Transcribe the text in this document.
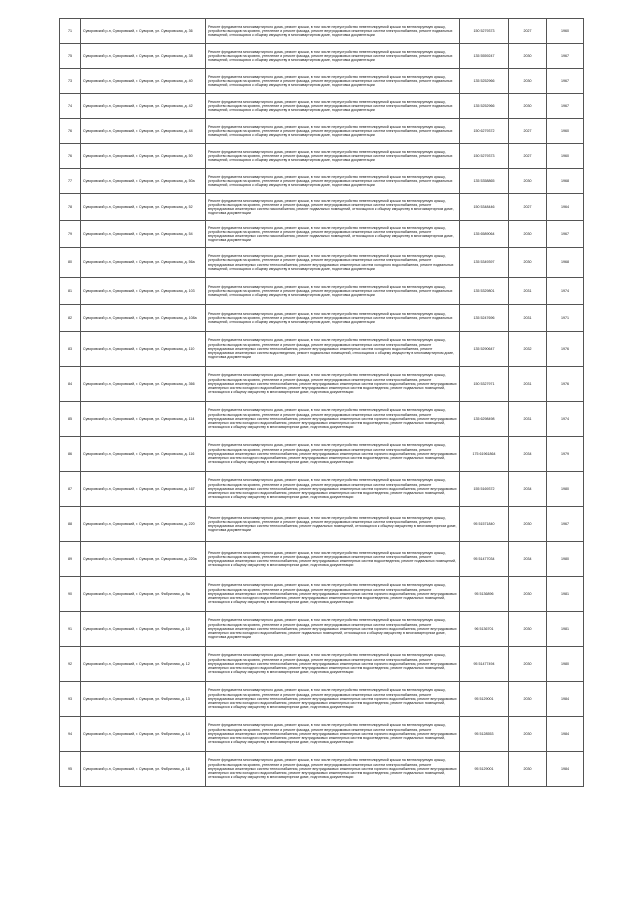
71	Суворовский р-н, Суворовский, г. Суворов, ул. Суворовская, д. 36	Ремонт фундамента многоквартирного дома, ремонт крыши, в том числе переустройство невентилируемой крыши на вентилируемую крышу, устройство выходов на кровлю, утепление и ремонт фасада, ремонт внутридомовых инженерных систем электроснабжения, ремонт подвальных помещений, относящихся к общему имуществу в многоквартирном доме, подготовка документации	150 5279373	2027	1960
75	Суворовский р-н, Суворовский, г. Суворов, ул. Суворовская, д. 38	Ремонт фундамента многоквартирного дома, ремонт крыши, в том числе переустройство невентилируемой крыши на вентилируемую крышу, устройство выходов на кровлю, утепление и ремонт фасада, ремонт внутридомовых инженерных систем электроснабжения, ремонт подвальных помещений, относящихся к общему имуществу в многоквартирном доме, подготовка документации	135 5559247	2030	1967
73	Суворовский р-н, Суворовский, г. Суворов, ул. Суворовская, д. 40	Ремонт фундамента многоквартирного дома, ремонт крыши, в том числе переустройство невентилируемой крыши на вентилируемую крышу, устройство выходов на кровлю, утепление и ремонт фасада, ремонт внутридомовых инженерных систем электроснабжения, ремонт подвальных помещений, относящихся к общему имуществу в многоквартирном доме, подготовка документации	135 5252966	2030	1967
74	Суворовский р-н, Суворовский, г. Суворов, ул. Суворовская, д. 42	Ремонт фундамента многоквартирного дома, ремонт крыши, в том числе переустройство невентилируемой крыши на вентилируемую крышу, устройство выходов на кровлю, утепление и ремонт фасада, ремонт внутридомовых инженерных систем электроснабжения, ремонт подвальных помещений, относящихся к общему имуществу в многоквартирном доме, подготовка документации	135 5252966	2030	1967
76	Суворовский р-н, Суворовский, г. Суворов, ул. Суворовская, д. 44	Ремонт фундамента многоквартирного дома, ремонт крыши, в том числе переустройство невентилируемой крыши на вентилируемую крышу, устройство выходов на кровлю, утепление и ремонт фасада, ремонт внутридомовых инженерных систем электроснабжения, ремонт подвальных помещений, относящихся к общему имуществу в многоквартирном доме, подготовка документации	150 6279372	2027	1960
76	Суворовский р-н, Суворовский, г. Суворов, ул. Суворовская, д. 50	Ремонт фундамента многоквартирного дома, ремонт крыши, в том числе переустройство невентилируемой крыши на вентилируемую крышу, устройство выходов на кровлю, утепление и ремонт фасада, ремонт внутридомовых инженерных систем электроснабжения, ремонт подвальных помещений, относящихся к общему имуществу в многоквартирном доме, подготовка документации	150 5279373	2027	1960
77	Суворовский р-н, Суворовский, г. Суворов, ул. Суворовская, д. 50а	Ремонт фундамента многоквартирного дома, ремонт крыши, в том числе переустройство невентилируемой крыши на вентилируемую крышу, устройство выходов на кровлю, утепление и ремонт фасада, ремонт внутридомовых инженерных систем электроснабжения, ремонт подвальных помещений, относящихся к общему имуществу в многоквартирном доме, подготовка документации	135 5358865	2030	1968
78	Суворовский р-н, Суворовский, г. Суворов, ул. Суворовская, д. 52	Ремонт фундамента многоквартирного дома, ремонт крыши, в том числе переустройство невентилируемой крыши на вентилируемую крышу, устройство выходов на кровлю, утепление и ремонт фасада, ремонт внутридомовых инженерных систем электроснабжения, ремонт внутридомовых инженерных систем газоснабжения, ремонт подвальных помещений, относящихся к общему имуществу в многоквартирном доме, подготовка документации	150 5348446	2027	1964
79	Суворовский р-н, Суворовский, г. Суворов, ул. Суворовская, д. 54	Ремонт фундамента многоквартирного дома, ремонт крыши, в том числе переустройство невентилируемой крыши на вентилируемую крышу, устройство выходов на кровлю, утепление и ремонт фасада, ремонт внутридомовых инженерных систем электроснабжения, ремонт внутридомовых инженерных систем газоснабжения, ремонт подвальных помещений, относящихся к общему имуществу в многоквартирном доме, подготовка документации	135 6589064	2030	1967
80	Суворовский р-н, Суворовский, г. Суворов, ул. Суворовская, д. 56а	Ремонт фундамента многоквартирного дома, ремонт крыши, в том числе переустройство невентилируемой крыши на вентилируемую крышу, устройство выходов на кровлю, утепление и ремонт фасада, ремонт внутридомовых инженерных систем электроснабжения, ремонт внутридомовых инженерных систем теплоснабжения, ремонт внутридомовых инженерных систем холодного водоснабжения, ремонт подвальных помещений, относящихся к общему имуществу в многоквартирном доме, подготовка документации	135 5349397	2030	1968
81	Суворовский р-н, Суворовский, г. Суворов, ул. Суворовская, д. 103	Ремонт фундамента многоквартирного дома, ремонт крыши, в том числе переустройство невентилируемой крыши на вентилируемую крышу, устройство выходов на кровлю, утепление и ремонт фасада, ремонт внутридомовых инженерных систем электроснабжения, ремонт подвальных помещений, относящихся к общему имуществу в многоквартирном доме, подготовка документации	135 5329801	2031	1974
82	Суворовский р-н, Суворовский, г. Суворов, ул. Суворовская, д. 108а	Ремонт фундамента многоквартирного дома, ремонт крыши, в том числе переустройство невентилируемой крыши на вентилируемую крышу, устройство выходов на кровлю, утепление и ремонт фасада, ремонт внутридомовых инженерных систем электроснабжения, ремонт подвальных помещений, относящихся к общему имуществу в многоквартирном доме, подготовка документации	135 5247696	2031	1971
83	Суворовский р-н, Суворовский, г. Суворов, ул. Суворовская, д. 110	Ремонт фундамента многоквартирного дома, ремонт крыши, в том числе переустройство невентилируемой крыши на вентилируемую крышу, устройство выходов на кровлю, утепление и ремонт фасада, ремонт внутридомовых инженерных систем электроснабжения, ремонт внутридомовых инженерных систем теплоснабжения, ремонт внутридомовых инженерных систем холодного водоснабжения, ремонт внутридомовых инженерных систем водоотведения, ремонт подвальных помещений, относящихся к общему имуществу в многоквартирном доме, подготовка документации	135 5290647	2032	1976
84	Суворовский р-н, Суворовский, г. Суворов, ул. Суворовская, д. 366	Ремонт фундамента многоквартирного дома, ремонт крыши, в том числе переустройство невентилируемой крыши на вентилируемую крышу, устройство выходов на кровлю, утепление и ремонт фасада, ремонт внутридомовых инженерных систем электроснабжения, ремонт внутридомовых инженерных систем теплоснабжения, ремонт внутридомовых инженерных систем горячего водоснабжения, ремонт внутридомовых инженерных систем холодного водоснабжения, ремонт внутридомовых инженерных систем водоотведения, ремонт подвальных помещений, относящихся к общему имуществу в многоквартирном доме, подготовка документации	150 5327971	2031	1976
85	Суворовский р-н, Суворовский, г. Суворов, ул. Суворовская, д. 114	Ремонт фундамента многоквартирного дома, ремонт крыши, в том числе переустройство невентилируемой крыши на вентилируемую крышу, устройство выходов на кровлю, утепление и ремонт фасада, ремонт внутридомовых инженерных систем электроснабжения, ремонт внутридомовых инженерных систем теплоснабжения, ремонт внутридомовых инженерных систем горячего водоснабжения, ремонт внутридомовых инженерных систем холодного водоснабжения, ремонт внутридомовых инженерных систем водоотведения, ремонт подвальных помещений, относящихся к общему имуществу в многоквартирном доме, подготовка документации	135 6298498	2031	1974
86	Суворовский р-н, Суворовский, г. Суворов, ул. Суворовская, д. 116	Ремонт фундамента многоквартирного дома, ремонт крыши, в том числе переустройство невентилируемой крыши на вентилируемую крышу, устройство выходов на кровлю, утепление и ремонт фасада, ремонт внутридомовых инженерных систем электроснабжения, ремонт внутридомовых инженерных систем теплоснабжения, ремонт внутридомовых инженерных систем горячего водоснабжения, ремонт внутридомовых инженерных систем холодного водоснабжения, ремонт внутридомовых инженерных систем водоотведения, ремонт подвальных помещений, относящихся к общему имуществу в многоквартирном доме, подготовка документации	175 61961864	2034	1979
87	Суворовский р-н, Суворовский, г. Суворов, ул. Суворовская, д. 167	Ремонт фундамента многоквартирного дома, ремонт крыши, в том числе переустройство невентилируемой крыши на вентилируемую крышу, устройство выходов на кровлю, утепление и ремонт фасада, ремонт внутридомовых инженерных систем электроснабжения, ремонт внутридомовых инженерных систем теплоснабжения, ремонт внутридомовых инженерных систем горячего водоснабжения, ремонт внутридомовых инженерных систем холодного водоснабжения, ремонт внутридомовых инженерных систем водоотведения, ремонт подвальных помещений, относящихся к общему имуществу в многоквартирном доме, подготовка документации	155 5169372	2034	1980
88	Суворовский р-н, Суворовский, г. Суворов, ул. Суворовская, д. 220	Ремонт фундамента многоквартирного дома, ремонт крыши, в том числе переустройство невентилируемой крыши на вентилируемую крышу, устройство выходов на кровлю, утепление и ремонт фасада, ремонт внутридомовых инженерных систем электроснабжения, ремонт внутридомовых инженерных систем теплоснабжения, ремонт подвальных помещений, относящихся к общему имуществу в многоквартирном доме, подготовка документации	95 51571840	2030	1967
89	Суворовский р-н, Суворовский, г. Суворов, ул. Суворовская, д. 220а	Ремонт фундамента многоквартирного дома, ремонт крыши, в том числе переустройство невентилируемой крыши на вентилируемую крышу, устройство выходов на кровлю, утепление и ремонт фасада, ремонт внутридомовых инженерных систем электроснабжения, ремонт внутридомовых инженерных систем теплоснабжения, ремонт внутридомовых инженерных систем водоотведения, ремонт подвальных помещений, относящихся к общему имуществу в многоквартирном доме, подготовка документации	95 51477034	2034	1980
90	Суворовский р-н, Суворовский, г. Суворов, ул. Фабричная, д. 9а	Ремонт фундамента многоквартирного дома, ремонт крыши, в том числе переустройство невентилируемой крыши на вентилируемую крышу, устройство выходов на кровлю, утепление и ремонт фасада, ремонт внутридомовых инженерных систем электроснабжения, ремонт внутридомовых инженерных систем теплоснабжения, ремонт внутридомовых инженерных систем горячего водоснабжения, ремонт внутридомовых инженерных систем холодного водоснабжения, ремонт внутридомовых инженерных систем водоотведения, ремонт подвальных помещений, относящихся к общему имуществу в многоквартирном доме, подготовка документации	95 5136896	2030	1981
91	Суворовский р-н, Суворовский, г. Суворов, ул. Фабричная, д. 10	Ремонт фундамента многоквартирного дома, ремонт крыши, в том числе переустройство невентилируемой крыши на вентилируемую крышу, устройство выходов на кровлю, утепление и ремонт фасада, ремонт внутридомовых инженерных систем электроснабжения, ремонт внутридомовых инженерных систем теплоснабжения, ремонт внутридомовых инженерных систем горячего водоснабжения, ремонт внутридомовых инженерных систем холодного водоснабжения, ремонт подвальных помещений, относящихся к общему имуществу в многоквартирном доме, подготовка документации	96 5136701	2030	1981
92	Суворовский р-н, Суворовский, г. Суворов, ул. Фабричная, д. 12	Ремонт фундамента многоквартирного дома, ремонт крыши, в том числе переустройство невентилируемой крыши на вентилируемую крышу, устройство выходов на кровлю, утепление и ремонт фасада, ремонт внутридомовых инженерных систем электроснабжения, ремонт внутридомовых инженерных систем теплоснабжения, ремонт внутридомовых инженерных систем горячего водоснабжения, ремонт внутридомовых инженерных систем холодного водоснабжения, ремонт внутридомовых инженерных систем водоотведения, ремонт подвальных помещений, относящихся к общему имуществу в многоквартирном доме, подготовка документации	95 51477494	2030	1980
93	Суворовский р-н, Суворовский, г. Суворов, ул. Фабричная, д. 13	Ремонт фундамента многоквартирного дома, ремонт крыши, в том числе переустройство невентилируемой крыши на вентилируемую крышу, устройство выходов на кровлю, утепление и ремонт фасада, ремонт внутридомовых инженерных систем электроснабжения, ремонт внутридомовых инженерных систем теплоснабжения, ремонт внутридомовых инженерных систем горячего водоснабжения, ремонт внутридомовых инженерных систем холодного водоснабжения, ремонт внутридомовых инженерных систем водоотведения, ремонт подвальных помещений, относящихся к общему имуществу в многоквартирном доме, подготовка документации	95 5129001	2030	1984
94	Суворовский р-н, Суворовский, г. Суворов, ул. Фабричная, д. 14	Ремонт фундамента многоквартирного дома, ремонт крыши, в том числе переустройство невентилируемой крыши на вентилируемую крышу, устройство выходов на кровлю, утепление и ремонт фасада, ремонт внутридомовых инженерных систем электроснабжения, ремонт внутридомовых инженерных систем теплоснабжения, ремонт внутридомовых инженерных систем горячего водоснабжения, ремонт внутридомовых инженерных систем холодного водоснабжения, ремонт внутридомовых инженерных систем водоотведения, ремонт подвальных помещений, относящихся к общему имуществу в многоквартирном доме, подготовка документации	95 5128553	2030	1984
95	Суворовский р-н, Суворовский, г. Суворов, ул. Фабричная, д. 16	Ремонт фундамента многоквартирного дома, ремонт крыши, в том числе переустройство невентилируемой крыши на вентилируемую крышу, устройство выходов на кровлю, утепление и ремонт фасада, ремонт внутридомовых инженерных систем электроснабжения, ремонт внутридомовых инженерных систем теплоснабжения, ремонт внутридомовых инженерных систем горячего водоснабжения, ремонт внутридомовых инженерных систем холодного водоснабжения, ремонт внутридомовых инженерных систем водоотведения, ремонт подвальных помещений, относящихся к общему имуществу в многоквартирном доме, подготовка документации	95 5129001	2030	1984
